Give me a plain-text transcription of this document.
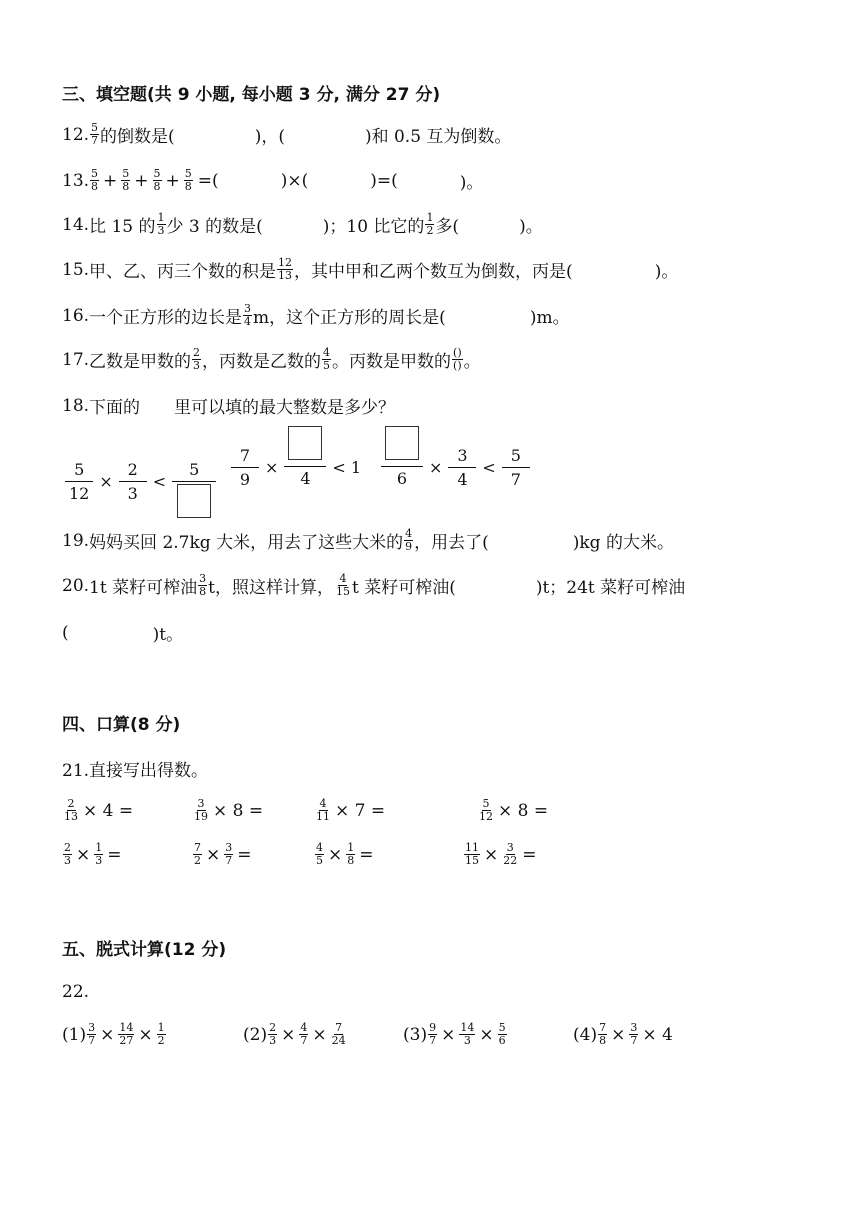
三、填空题(共 9 小题, 每小题 3 分, 满分 27 分)
12. $\frac{5}{7}$ 的倒数是(	)，(	)和 0.5 互为倒数。
13. $\frac{5}{8} + \frac{5}{8} + \frac{5}{8} + \frac{5}{8}$ =(	)×(	)=(	)。
14. 比 15 的 $\frac{1}{3}$ 少 3 的数是(	)；10 比它的 $\frac{1}{2}$ 多(	)。
15. 甲、乙、丙三个数的积是 $\frac{12}{13}$ ，其中甲和乙两个数互为倒数，丙是(	)。
16. 一个正方形的边长是 $\frac{3}{4}$ m，这个正方形的周长是(	)m。
17. 乙数是甲数的 $\frac{2}{3}$ ，丙数是乙数的 $\frac{4}{5}$ 。丙数是甲数的 $\frac{()}{()}$ 。
18. 下面的 里可以填的最大整数是多少？
$\frac{5}{12} \times \frac{2}{3}$ <
5	$\frac{7}{9}$ ×
4
< 1
6
× $\frac{3}{4}$ <
5
7
19. 妈妈买回 2.7kg 大米，用去了这些大米的 $\frac{4}{9}$ ，用去了(	)kg 的大米。
20. 1t 菜籽可榨油 $\frac{3}{8}$ t，照这样计算， $\frac{4}{15}$ t 菜籽可榨油(	)t；24t 菜籽可榨油
(	)t。
四、口算(8 分)
21.直接写出得数。
$\frac{2}{13} \times 4$ =	$\frac{3}{19} \times 8$ =	$\frac{4}{11} \times 7$ =	$\frac{5}{12} \times 8$ =
$\frac{2}{3} \times \frac{1}{3}$ =	$\frac{7}{2} \times \frac{3}{7}$ =	$\frac{4}{5} \times \frac{1}{8}$ =	$\frac{11}{15} \times \frac{3}{22}$ =
五、脱式计算(12 分)
22.
$(1) \frac{3}{7} \times \frac{14}{27} \times \frac{1}{2}$	$(2) \frac{2}{3} \times \frac{4}{7} \times \frac{7}{24}$	$(3) \frac{9}{7} \times \frac{14}{3} \times \frac{5}{6}$	$(4) \frac{7}{8} \times \frac{3}{7} \times 4$
